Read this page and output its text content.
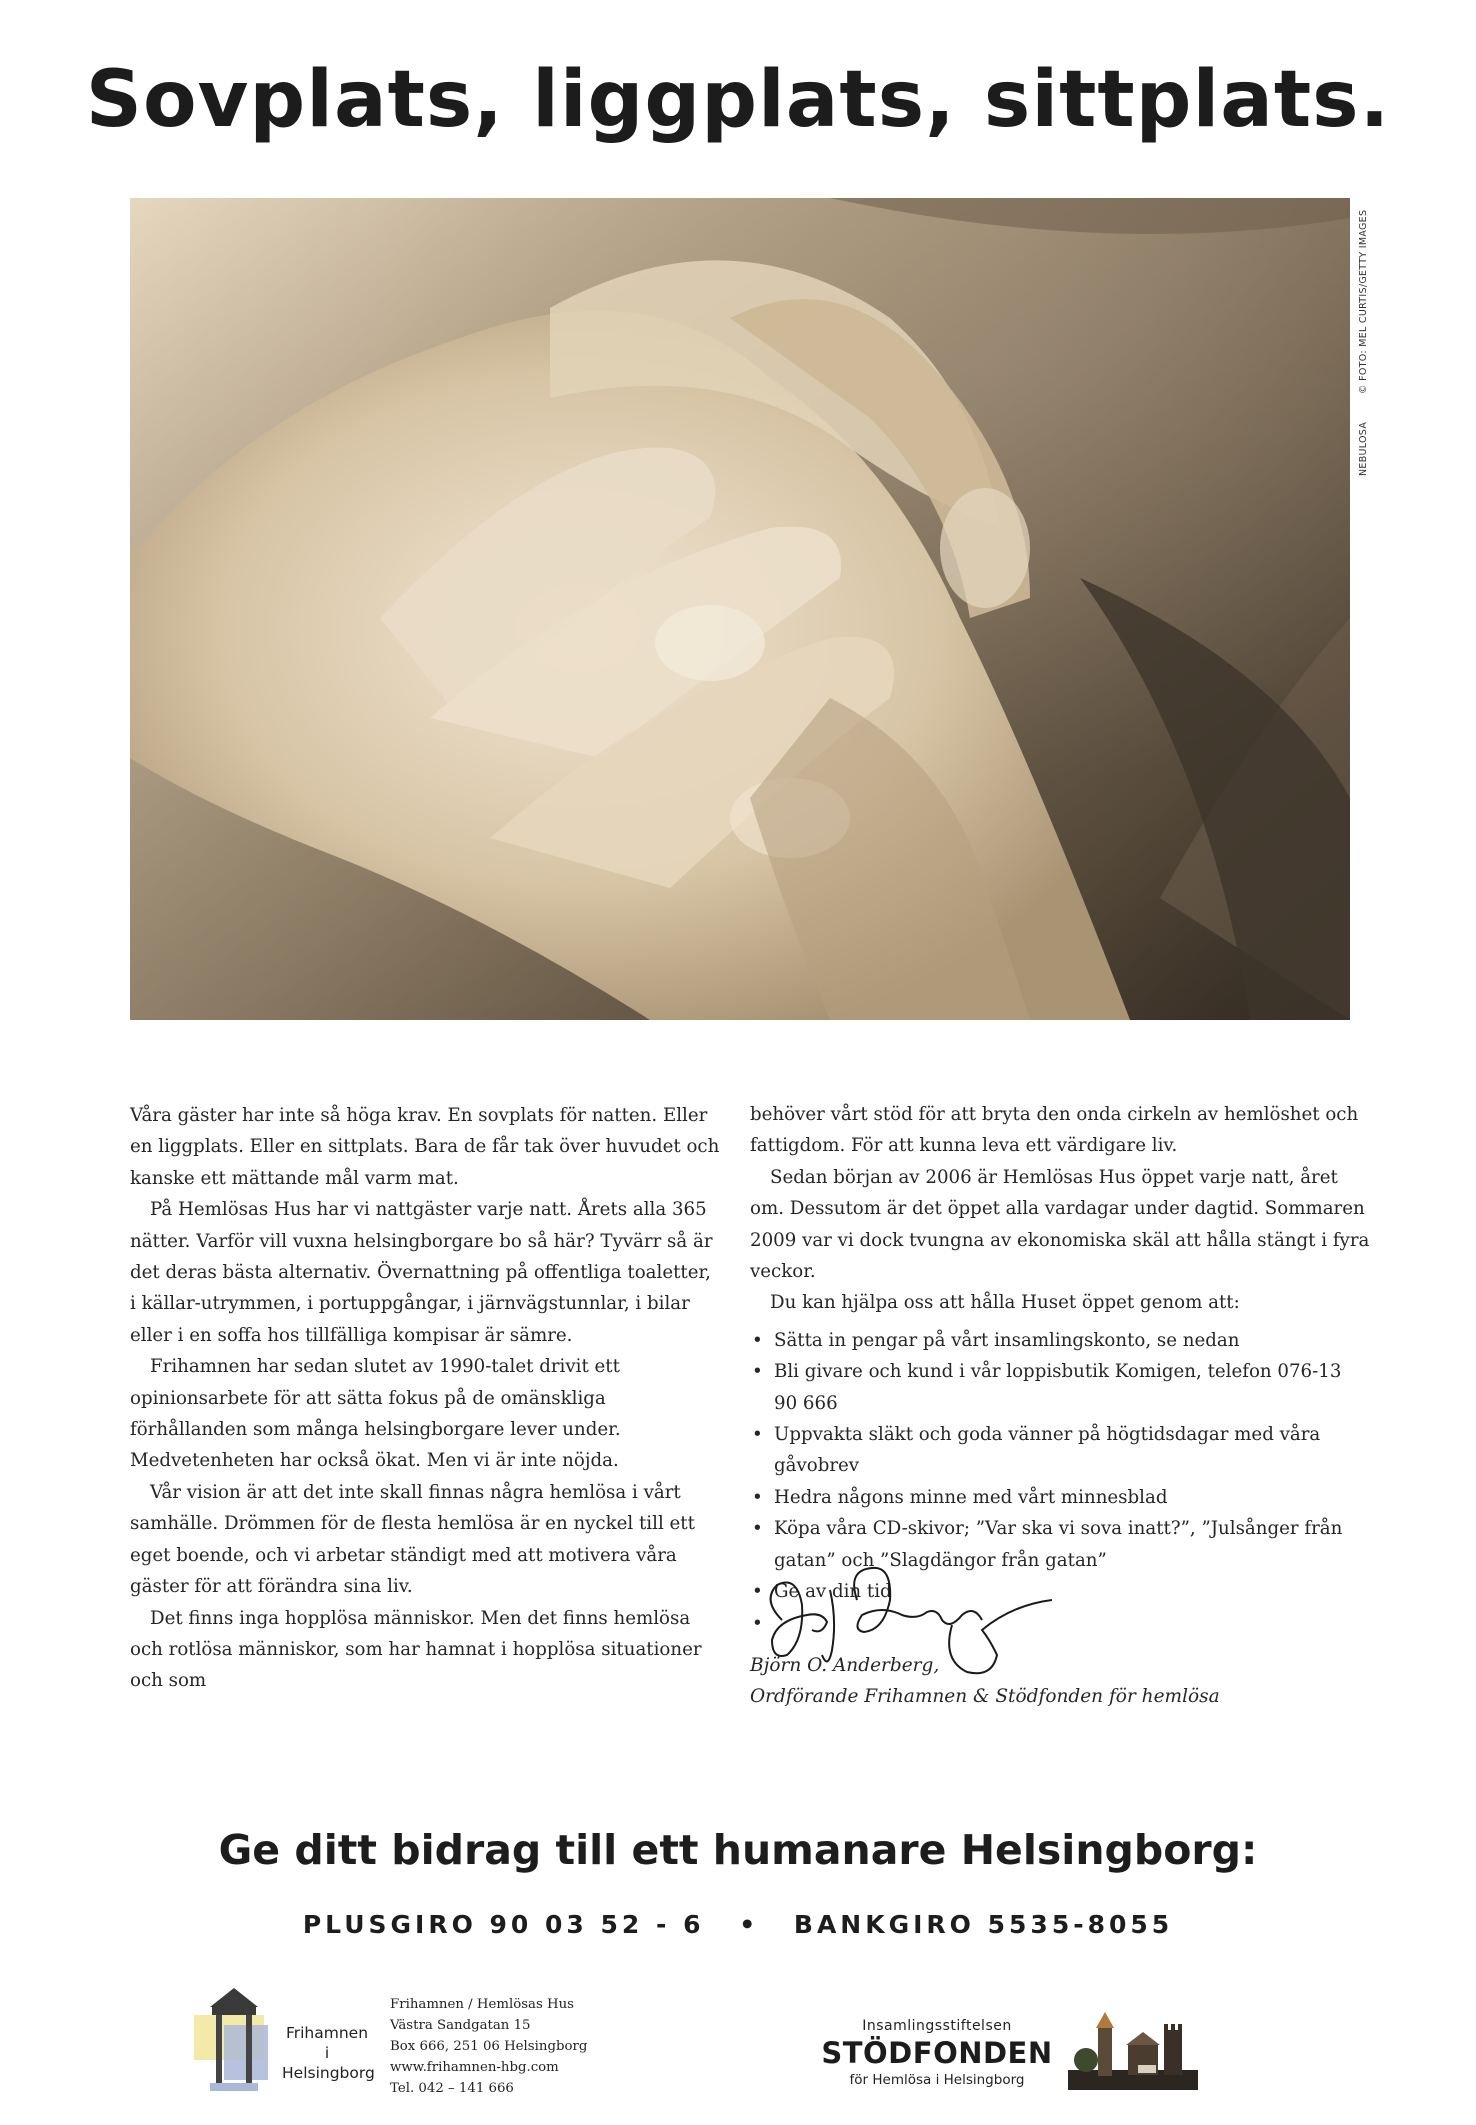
Sovplats, liggplats, sittplats.
© FOTO: MEL CURTIS/GETTY IMAGES
NEBULOSA

Våra gäster har inte så höga krav. En sovplats för natten. Eller en liggplats. Eller en sittplats. Bara de får tak över huvudet och kanske ett mättande mål varm mat.

På Hemlösas Hus har vi nattgäster varje natt. Årets alla 365 nätter. Varför vill vuxna helsingborgare bo så här? Tyvärr så är det deras bästa alternativ. Övernattning på offentliga toaletter, i källar-utrymmen, i portuppgångar, i järnvägstunnlar, i bilar eller i en soffa hos tillfälliga kompisar är sämre.

Frihamnen har sedan slutet av 1990-talet drivit ett opinionsarbete för att sätta fokus på de omänskliga förhållanden som många helsingborgare lever under. Medvetenheten har också ökat. Men vi är inte nöjda.

Vår vision är att det inte skall finnas några hemlösa i vårt samhälle. Drömmen för de flesta hemlösa är en nyckel till ett eget boende, och vi arbetar ständigt med att motivera våra gäster för att förändra sina liv.

Det finns inga hopplösa människor. Men det finns hemlösa och rotlösa människor, som har hamnat i hopplösa situationer och som

behöver vårt stöd för att bryta den onda cirkeln av hemlöshet och fattigdom. För att kunna leva ett värdigare liv.

Sedan början av 2006 är Hemlösas Hus öppet varje natt, året om. Dessutom är det öppet alla vardagar under dagtid. Sommaren 2009 var vi dock tvungna av ekonomiska skäl att hålla stängt i fyra veckor.

Du kan hjälpa oss att hålla Huset öppet genom att:

• Sätta in pengar på vårt insamlingskonto, se nedan
• Bli givare och kund i vår loppisbutik Komigen, telefon 076-13 90 666
• Uppvakta släkt och goda vänner på högtidsdagar med våra gåvobrev
• Hedra någons minne med vårt minnesblad
• Köpa våra CD-skivor; ”Var ska vi sova inatt?”, ”Julsånger från gatan” och ”Slagdängor från gatan”
• Ge av din tid
•
Björn O. Anderberg,
Ordförande Frihamnen & Stödfonden för hemlösa
Ge ditt bidrag till ett humanare Helsingborg:
PLUSGIRO 90 03 52 - 6 • BANKGIRO 5535-8055
Frihamnen
i
Helsingborg
Frihamnen / Hemlösas Hus
Västra Sandgatan 15
Box 666, 251 06 Helsingborg
www.frihamnen-hbg.com
Tel. 042 – 141 666
Insamlingsstiftelsen
STÖDFONDEN
för Hemlösa i Helsingborg
